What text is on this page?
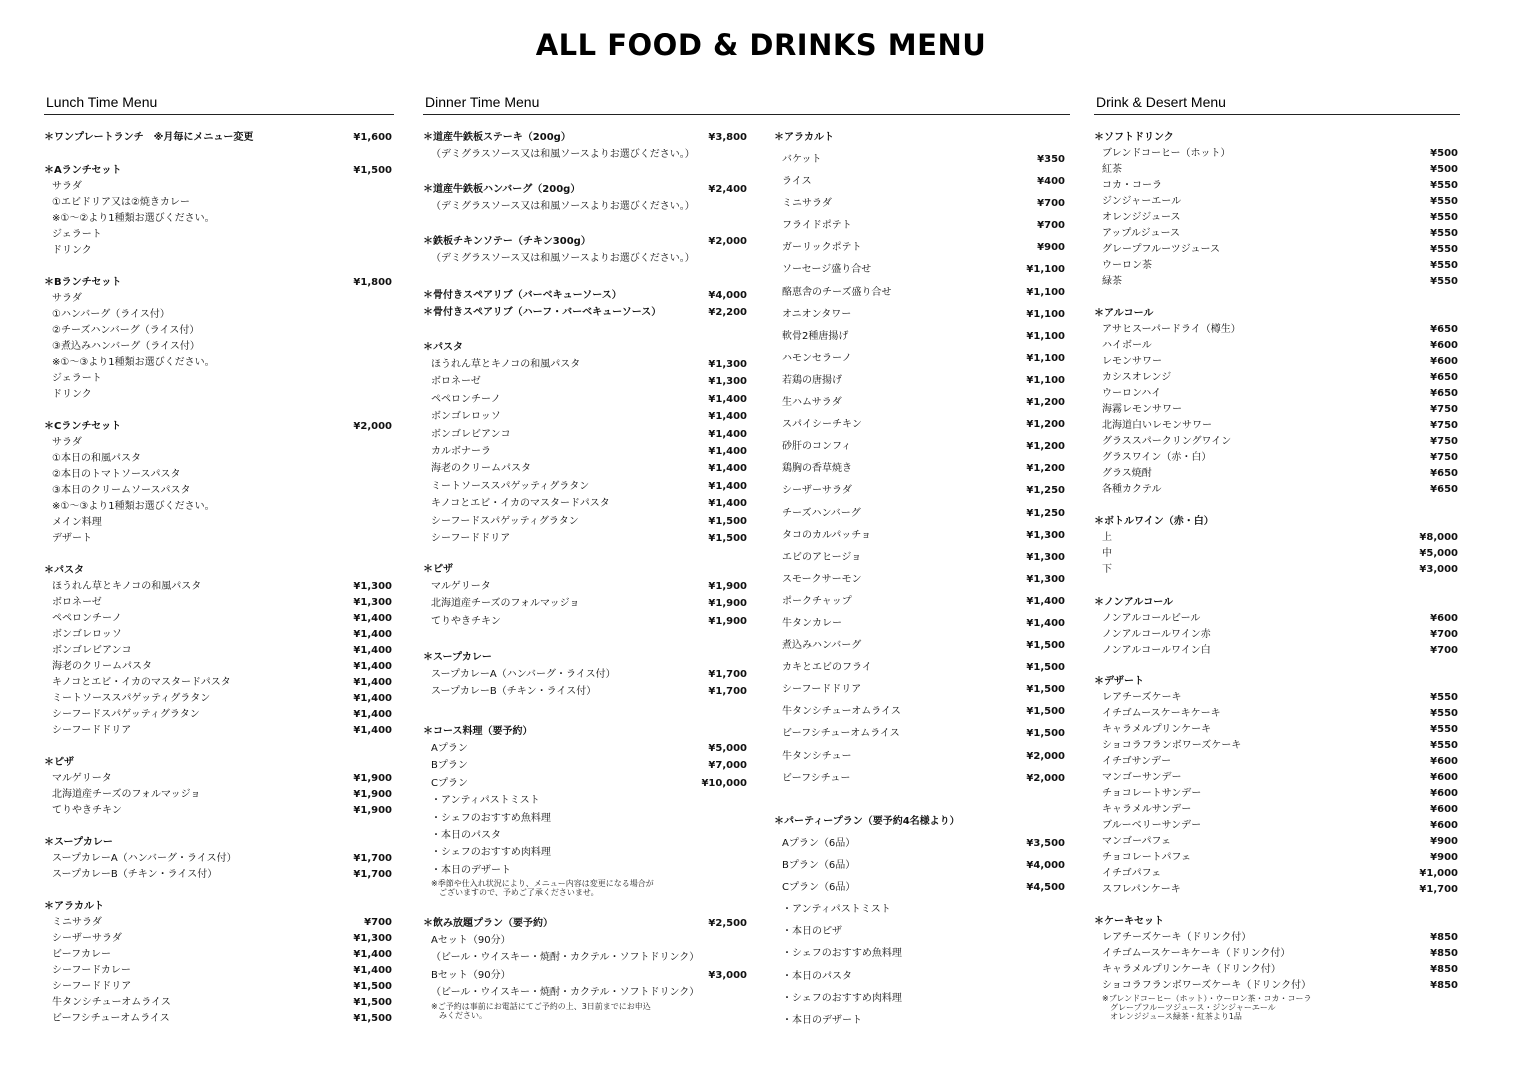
ALL FOOD & DRINKS MENU
Lunch Time Menu
＊ワンプレートランチ　※月毎にメニュー変更	¥1,600
＊Aランチセット	¥1,500
サラダ
①エビドリア又は②焼きカレー
※①～②より1種類お選びください。
ジェラート
ドリンク
＊Bランチセット	¥1,800
サラダ
①ハンバーグ（ライス付）
②チーズハンバーグ（ライス付）
③煮込みハンバーグ（ライス付）
※①～③より1種類お選びください。
ジェラート
ドリンク
＊Cランチセット	¥2,000
サラダ
①本日の和風パスタ
②本日のトマトソースパスタ
③本日のクリームソースパスタ
※①～③より1種類お選びください。
メイン料理
デザート
＊パスタ
ほうれん草とキノコの和風パスタ	¥1,300
ボロネーゼ	¥1,300
ペペロンチーノ	¥1,400
ボンゴレロッソ	¥1,400
ボンゴレビアンコ	¥1,400
海老のクリームパスタ	¥1,400
キノコとエビ・イカのマスタードパスタ	¥1,400
ミートソーススパゲッティグラタン	¥1,400
シーフードスパゲッティグラタン	¥1,400
シーフードドリア	¥1,400
＊ピザ
マルゲリータ	¥1,900
北海道産チーズのフォルマッジョ	¥1,900
てりやきチキン	¥1,900
＊スープカレー
スープカレーA（ハンバーグ・ライス付）	¥1,700
スープカレーB（チキン・ライス付）	¥1,700
＊アラカルト
ミニサラダ	¥700
シーザーサラダ	¥1,300
ビーフカレー	¥1,400
シーフードカレー	¥1,400
シーフードドリア	¥1,500
牛タンシチューオムライス	¥1,500
ビーフシチューオムライス	¥1,500
Dinner Time Menu
＊道産牛鉄板ステーキ（200g）	¥3,800
（デミグラスソース又は和風ソースよりお選びください。）
＊道産牛鉄板ハンバーグ（200g）	¥2,400
（デミグラスソース又は和風ソースよりお選びください。）
＊鉄板チキンソテー（チキン300g）	¥2,000
（デミグラスソース又は和風ソースよりお選びください。）
＊骨付きスペアリブ（バーベキューソース）	¥4,000
＊骨付きスペアリブ（ハーフ・バーベキューソース）	¥2,200
＊パスタ
ほうれん草とキノコの和風パスタ	¥1,300
ボロネーゼ	¥1,300
ペペロンチーノ	¥1,400
ボンゴレロッソ	¥1,400
ボンゴレビアンコ	¥1,400
カルボナーラ	¥1,400
海老のクリームパスタ	¥1,400
ミートソーススパゲッティグラタン	¥1,400
キノコとエビ・イカのマスタードパスタ	¥1,400
シーフードスパゲッティグラタン	¥1,500
シーフードドリア	¥1,500
＊ピザ
マルゲリータ	¥1,900
北海道産チーズのフォルマッジョ	¥1,900
てりやきチキン	¥1,900
＊スープカレー
スープカレーA（ハンバーグ・ライス付）	¥1,700
スープカレーB（チキン・ライス付）	¥1,700
＊コース料理（要予約）
Aプラン	¥5,000
Bプラン	¥7,000
Cプラン	¥10,000
・アンティパストミスト
・シェフのおすすめ魚料理
・本日のパスタ
・シェフのおすすめ肉料理
・本日のデザート
※季節や仕入れ状況により、メニュー内容は変更になる場合が
　ございますので、予めご了承くださいませ。
＊飲み放題プラン（要予約）	¥2,500
Aセット（90分）
（ビール・ウイスキー・焼酎・カクテル・ソフトドリンク）
Bセット（90分）	¥3,000
（ビール・ウイスキー・焼酎・カクテル・ソフトドリンク）
※ご予約は事前にお電話にてご予約の上、3日前までにお申込
　みください。
＊アラカルト
バケット	¥350
ライス	¥400
ミニサラダ	¥700
フライドポテト	¥700
ガーリックポテト	¥900
ソーセージ盛り合せ	¥1,100
酪恵舎のチーズ盛り合せ	¥1,100
オニオンタワー	¥1,100
軟骨2種唐揚げ	¥1,100
ハモンセラーノ	¥1,100
若鶏の唐揚げ	¥1,100
生ハムサラダ	¥1,200
スパイシーチキン	¥1,200
砂肝のコンフィ	¥1,200
鶏胸の香草焼き	¥1,200
シーザーサラダ	¥1,250
チーズハンバーグ	¥1,250
タコのカルパッチョ	¥1,300
エビのアヒージョ	¥1,300
スモークサーモン	¥1,300
ポークチャップ	¥1,400
牛タンカレー	¥1,400
煮込みハンバーグ	¥1,500
カキとエビのフライ	¥1,500
シーフードドリア	¥1,500
牛タンシチューオムライス	¥1,500
ビーフシチューオムライス	¥1,500
牛タンシチュー	¥2,000
ビーフシチュー	¥2,000
＊パーティープラン（要予約4名様より）
Aプラン（6品）	¥3,500
Bプラン（6品）	¥4,000
Cプラン（6品）	¥4,500
・アンティパストミスト
・本日のピザ
・シェフのおすすめ魚料理
・本日のパスタ
・シェフのおすすめ肉料理
・本日のデザート
Drink & Desert Menu
＊ソフトドリンク
ブレンドコーヒー（ホット）	¥500
紅茶	¥500
コカ・コーラ	¥550
ジンジャーエール	¥550
オレンジジュース	¥550
アップルジュース	¥550
グレープフルーツジュース	¥550
ウーロン茶	¥550
緑茶	¥550
＊アルコール
アサヒスーパードライ（樽生）	¥650
ハイボール	¥600
レモンサワー	¥600
カシスオレンジ	¥650
ウーロンハイ	¥650
海霧レモンサワー	¥750
北海道白いレモンサワー	¥750
グラススパークリングワイン	¥750
グラスワイン（赤・白）	¥750
グラス焼酎	¥650
各種カクテル	¥650
＊ボトルワイン（赤・白）
上	¥8,000
中	¥5,000
下	¥3,000
＊ノンアルコール
ノンアルコールビール	¥600
ノンアルコールワイン赤	¥700
ノンアルコールワイン白	¥700
＊デザート
レアチーズケーキ	¥550
イチゴムースケーキケーキ	¥550
キャラメルプリンケーキ	¥550
ショコラフランボワーズケーキ	¥550
イチゴサンデー	¥600
マンゴーサンデー	¥600
チョコレートサンデー	¥600
キャラメルサンデー	¥600
ブルーベリーサンデー	¥600
マンゴーパフェ	¥900
チョコレートパフェ	¥900
イチゴパフェ	¥1,000
スフレパンケーキ	¥1,700
＊ケーキセット
レアチーズケーキ（ドリンク付）	¥850
イチゴムースケーキケーキ（ドリンク付）	¥850
キャラメルプリンケーキ（ドリンク付）	¥850
ショコラフランボワーズケーキ（ドリンク付）	¥850
※ブレンドコーヒー（ホット）・ウーロン茶・コカ・コーラ
　グレープフルーツジュース・ジンジャーエール
　オレンジジュース緑茶・紅茶より1品
